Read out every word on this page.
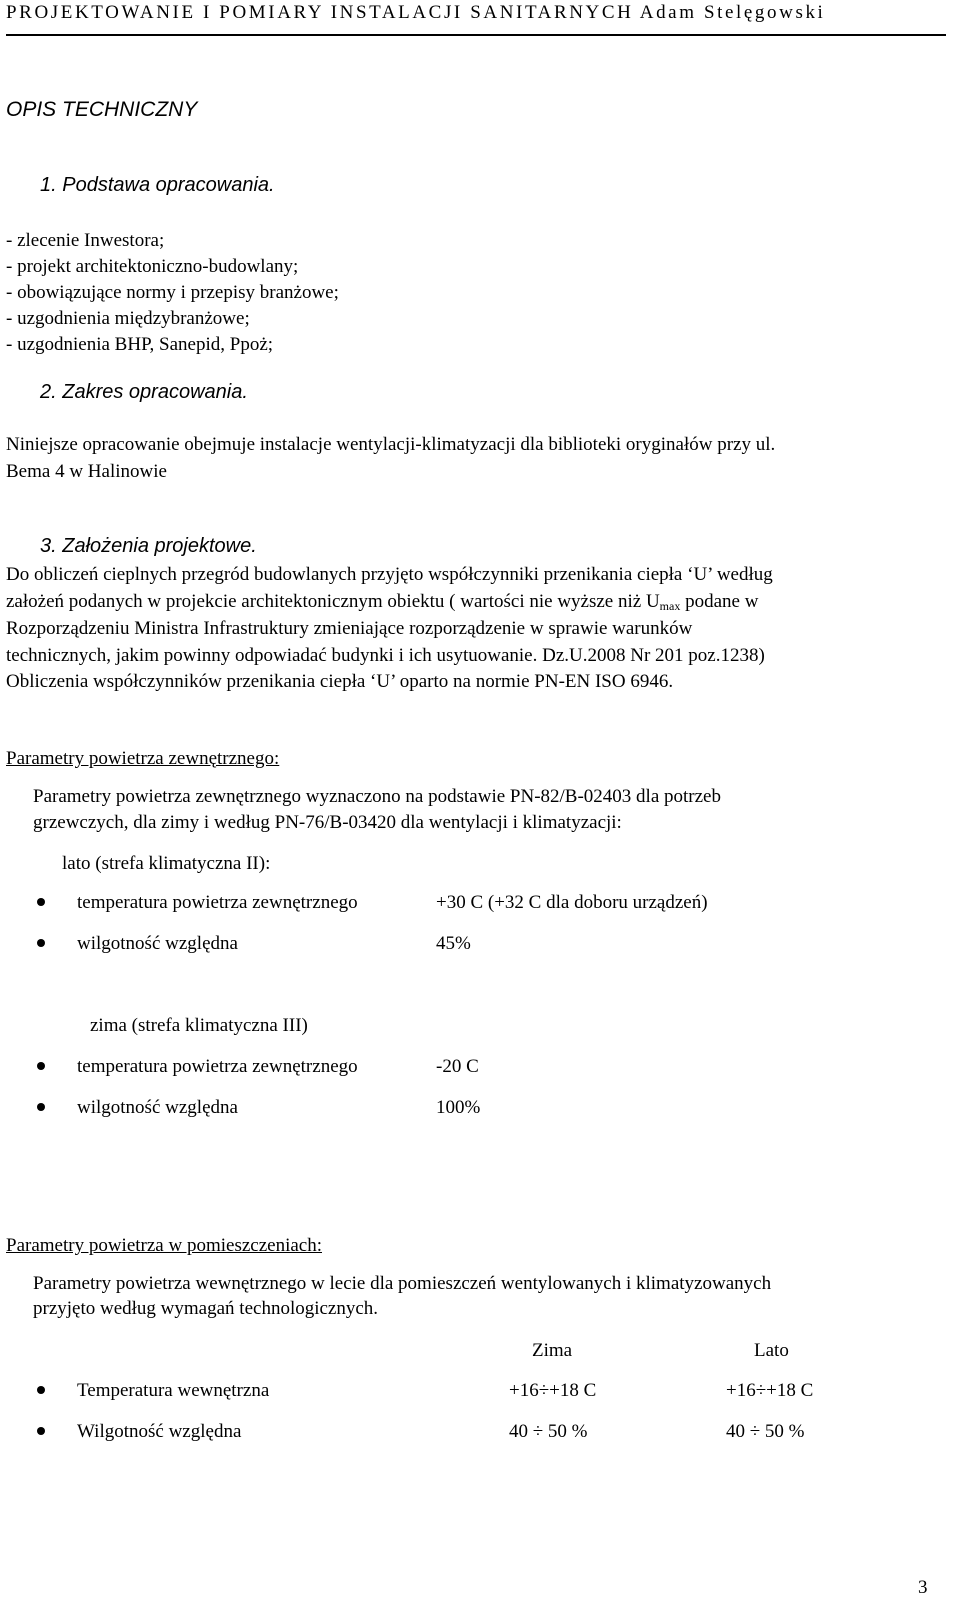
PROJEKTOWANIE I POMIARY INSTALACJI SANITARNYCH Adam Stelęgowski
OPIS TECHNICZNY
1. Podstawa opracowania.
- zlecenie Inwestora;
- projekt architektoniczno-budowlany;
- obowiązujące normy i przepisy branżowe;
- uzgodnienia międzybranżowe;
- uzgodnienia BHP, Sanepid, Ppoż;
2. Zakres opracowania.
Niniejsze opracowanie obejmuje instalacje wentylacji-klimatyzacji dla biblioteki oryginałów przy ul.
Bema 4 w Halinowie
3. Założenia projektowe.
Do obliczeń cieplnych przegród budowlanych przyjęto współczynniki przenikania ciepła ‘U’ według
założeń podanych w projekcie architektonicznym obiektu ( wartości nie wyższe niż $U_{max}$ podane w
Rozporządzeniu Ministra Infrastruktury zmieniające rozporządzenie w sprawie warunków
technicznych, jakim powinny odpowiadać budynki i ich usytuowanie. Dz.U.2008 Nr 201 poz.1238)
Obliczenia współczynników przenikania ciepła ‘U’ oparto na normie PN-EN ISO 6946.
Parametry powietrza zewnętrznego:
Parametry powietrza zewnętrznego wyznaczono na podstawie PN-82/B-02403 dla potrzeb
grzewczych, dla zimy i według PN-76/B-03420 dla wentylacji i klimatyzacji:
lato (strefa klimatyczna II):
temperatura powietrza zewnętrznego	+30 C (+32 C dla doboru urządzeń)
wilgotność względna	45%
zima (strefa klimatyczna III)
temperatura powietrza zewnętrznego	-20 C
wilgotność względna	100%
Parametry powietrza w pomieszczeniach:
Parametry powietrza wewnętrznego w lecie dla pomieszczeń wentylowanych i klimatyzowanych
przyjęto według wymagań technologicznych.
Zima	Lato
Temperatura wewnętrzna	+16÷+18 C	+16÷+18 C
Wilgotność względna	40 ÷ 50 %	40 ÷ 50 %
3
